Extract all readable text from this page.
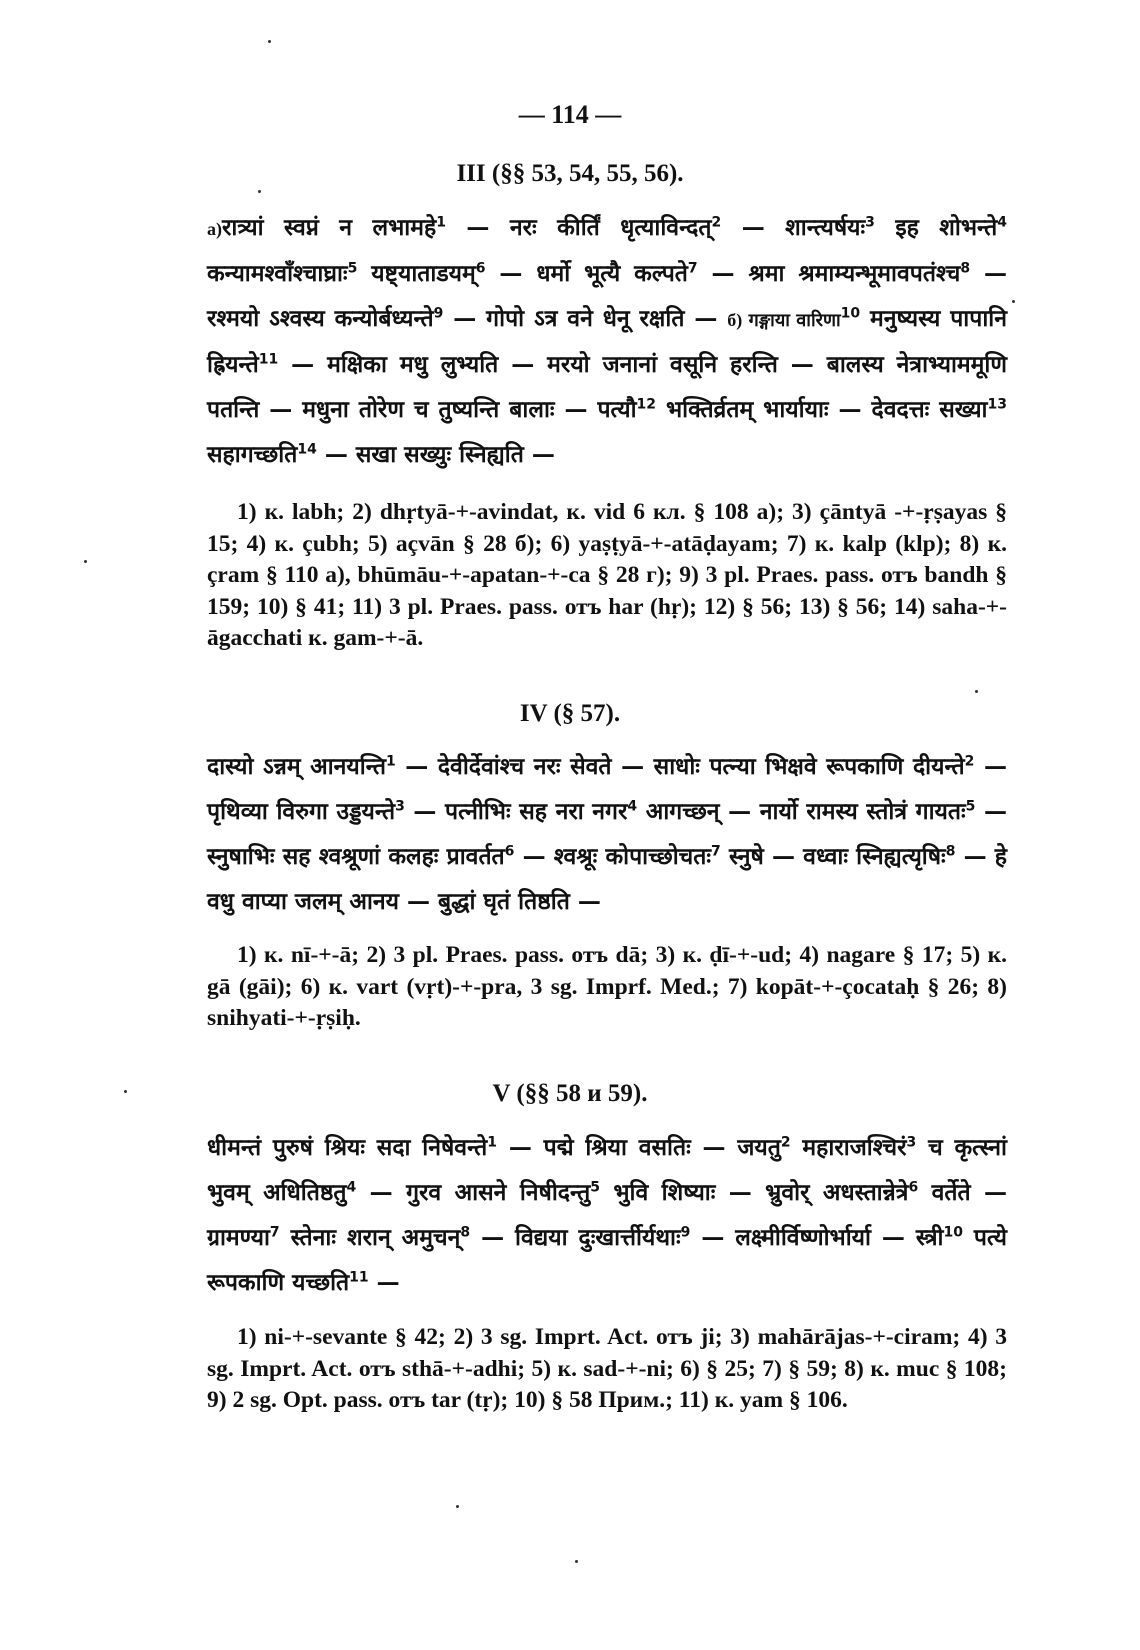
— 114 —
III (§§ 53, 54, 55, 56).
a)रात्र्यां स्वप्नं न लभामहे$^1$ — नरः कीर्तिं धृत्याविन्दत्$^2$ — शान्त्यर्षयः$^3$ इह शोभन्ते$^4$ कन्यामश्वाँश्चाघ्राः$^5$ यष्ट्याताडयम्$^6$ — धर्मो भूत्यै कल्पते$^7$ — श्रमा श्रमाम्यन्भूमावपतंश्च$^8$ — रश्मयो ऽश्वस्य कन्योर्बध्यन्ते$^9$ — गोपो ऽत्र वने धेनू रक्षति — б) गङ्गाया वारिणा$^{10}$ मनुष्यस्य पापानि ह्रियन्ते$^{11}$ — मक्षिका मधु लुभ्यति — मरयो जनानां वसूनि हरन्ति — बालस्य नेत्राभ्याममूणि पतन्ति — मधुना तोरेण च तुष्यन्ति बालाः — पत्यौ$^{12}$ भक्तिर्व्रतम् भार्यायाः — देवदत्तः सख्या$^{13}$ सहागच्छति$^{14}$ — सखा सख्युः स्निह्यति —
1) к. labh; 2) dhṛtyā-+-avindat, к. vid 6 кл. § 108 a); 3) çāntyā -+-ṛṣayas § 15; 4) к. çubh; 5) açvān § 28 б); 6) yaṣṭyā-+-atāḍayam; 7) к. kalp (klp); 8) к. çram § 110 a), bhūmāu-+-apatan-+-ca § 28 г); 9) 3 pl. Praes. pass. отъ bandh § 159; 10) § 41; 11) 3 pl. Praes. pass. отъ har (hṛ); 12) § 56; 13) § 56; 14) saha-+-āgacchati к. gam-+-ā.
IV (§ 57).
दास्यो ऽन्नम् आनयन्ति$^1$ — देवीर्देवांश्च नरः सेवते — साधोः पत्न्या भिक्षवे रूपकाणि दीयन्ते$^2$ — पृथिव्या विरुगा उड्डयन्ते$^3$ — पत्नीभिः सह नरा नगर$^4$ आगच्छन् — नार्यो रामस्य स्तोत्रं गायतः$^5$ — स्नुषाभिः सह श्वश्रूणां कलहः प्रावर्तत$^6$ — श्वश्रूः कोपाच्छोचतः$^7$ स्नुषे — वध्वाः स्निह्यत्यृषिः$^8$ — हे वधु वाप्या जलम् आनय — बुद्धां घृतं तिष्ठति —
1) к. nī-+-ā; 2) 3 pl. Praes. pass. отъ dā; 3) к. ḍī-+-ud; 4) nagare § 17; 5) к. gā (gāi); 6) к. vart (vṛt)-+-pra, 3 sg. Imprf. Med.; 7) kopāt-+-çocataḥ § 26; 8) snihyati-+-ṛṣiḥ.
V (§§ 58 и 59).
धीमन्तं पुरुषं श्रियः सदा निषेवन्ते$^1$ — पद्मे श्रिया वसतिः — जयतु$^2$ महाराजश्चिरं$^3$ च कृत्स्नां भुवम् अधितिष्ठतु$^4$ — गुरव आसने निषीदन्तु$^5$ भुवि शिष्याः — भ्रुवोर् अधस्तान्नेत्रे$^6$ वर्तेते — ग्रामण्या$^7$ स्तेनाः शरान् अमुचन्$^8$ — विद्यया दुःखार्त्तीर्यथाः$^9$ — लक्ष्मीर्विष्णोर्भार्या — स्त्री$^{10}$ पत्ये रूपकाणि यच्छति$^{11}$ —
1) ni-+-sevante § 42; 2) 3 sg. Imprt. Act. отъ ji; 3) mahārājas-+-ciram; 4) 3 sg. Imprt. Act. отъ sthā-+-adhi; 5) к. sad-+-ni; 6) § 25; 7) § 59; 8) к. muc § 108; 9) 2 sg. Opt. pass. отъ tar (tṛ); 10) § 58 Прим.; 11) к. yam § 106.
